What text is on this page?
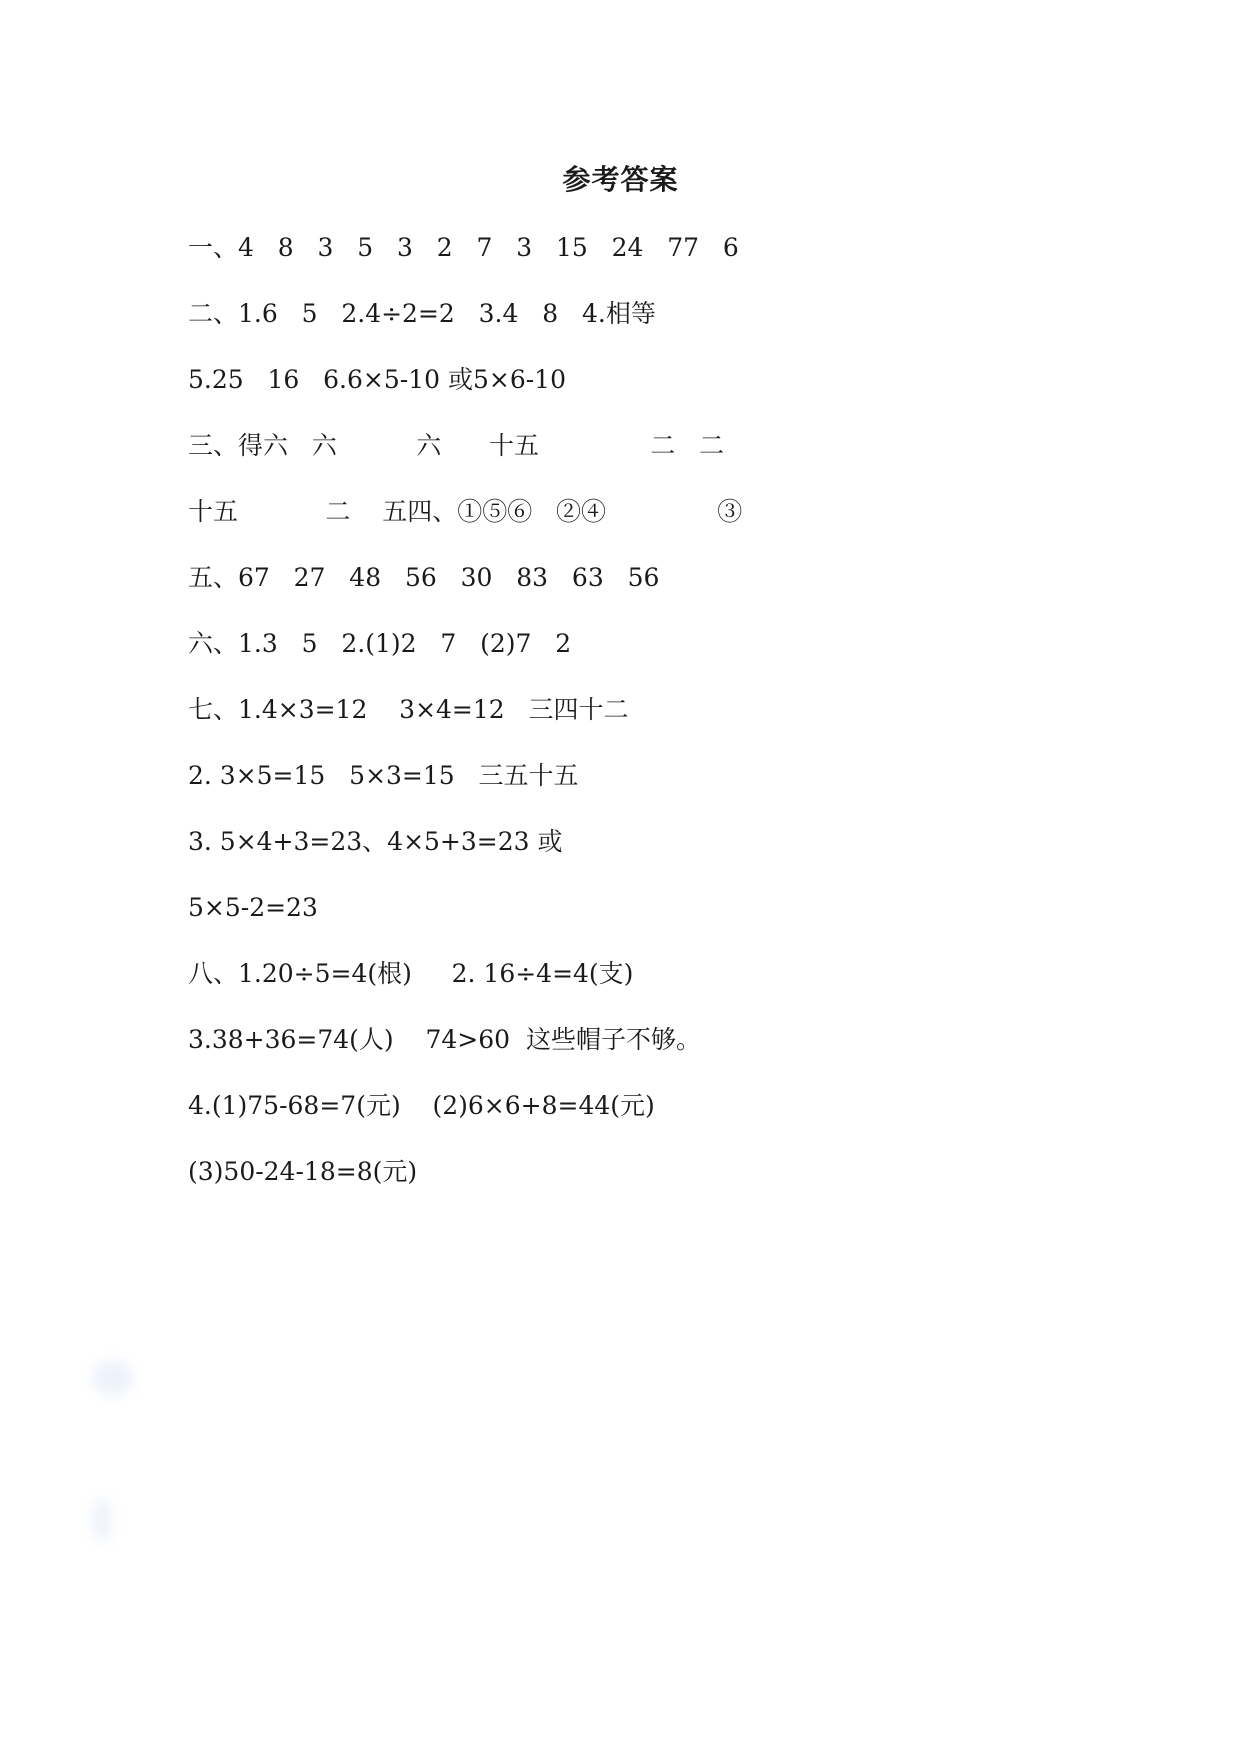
参考答案
一、4   8   3   5   3   2   7   3   15   24   77   6
二、1.6   5   2.4÷2=2   3.4   8   4.相等
5.25   16   6.6×5-10 或5×6-10
三、得六   六          六      十五              二   二
十五           二    五四、①⑤⑥   ②④              ③
五、67   27   48   56   30   83   63   56
六、1.3   5   2.(1)2   7   (2)7   2
七、1.4×3=12    3×4=12   三四十二
2. 3×5=15   5×3=15   三五十五
3. 5×4+3=23、4×5+3=23 或
5×5-2=23
八、1.20÷5=4(根)     2. 16÷4=4(支)
3.38+36=74(人)    74>60  这些帽子不够。
4.(1)75-68=7(元)    (2)6×6+8=44(元)
(3)50-24-18=8(元)
